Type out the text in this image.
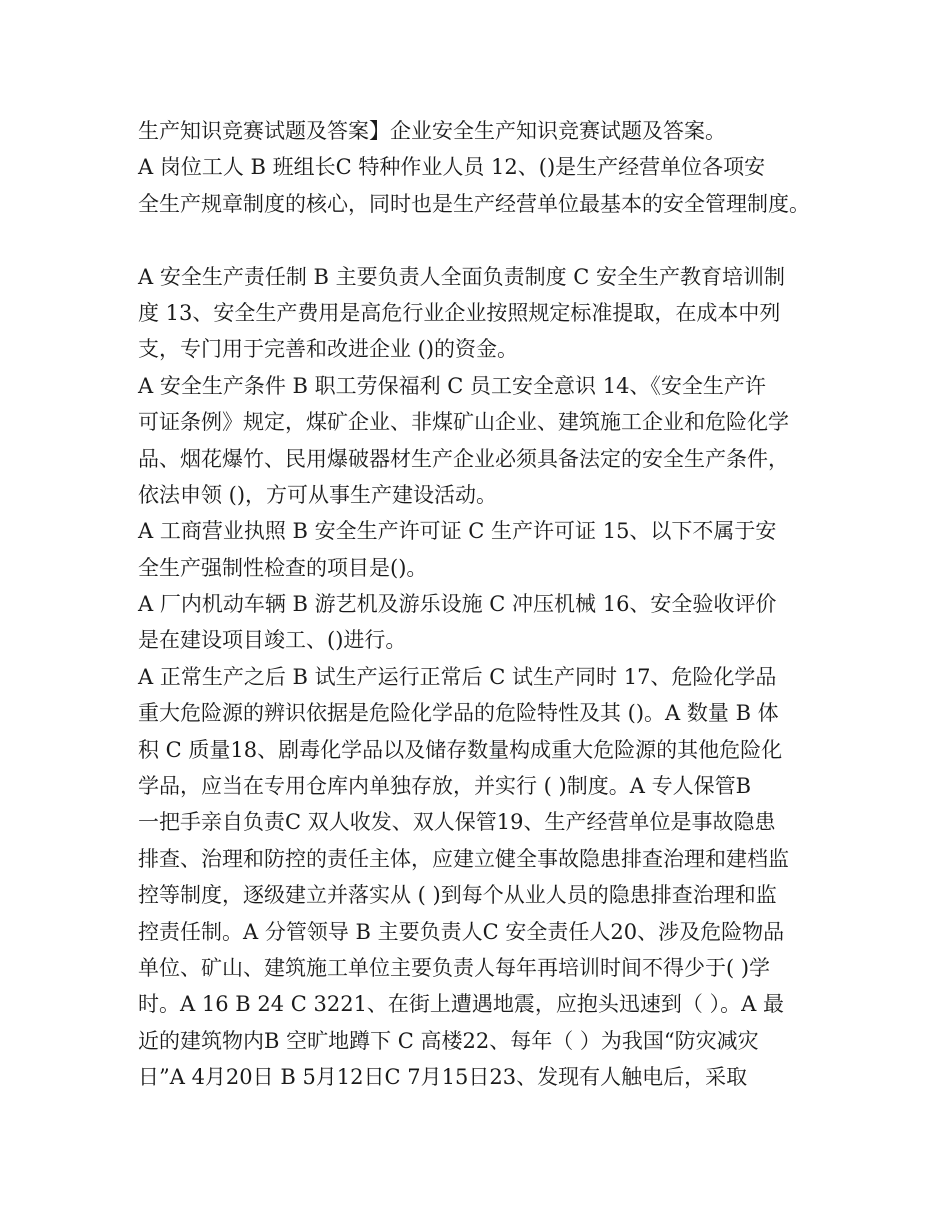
生产知识竞赛试题及答案】企业安全生产知识竞赛试题及答案。
A 岗位工人 B 班组长C 特种作业人员 12、()是生产经营单位各项安
全生产规章制度的核心，同时也是生产经营单位最基本的安全管理制度。
A 安全生产责任制 B 主要负责人全面负责制度 C 安全生产教育培训制
度 13、安全生产费用是高危行业企业按照规定标准提取，在成本中列
支，专门用于完善和改进企业 ()的资金。
A 安全生产条件 B 职工劳保福利 C 员工安全意识 14、《安全生产许
可证条例》规定，煤矿企业、非煤矿山企业、建筑施工企业和危险化学
品、烟花爆竹、民用爆破器材生产企业必须具备法定的安全生产条件，
依法申领 ()，方可从事生产建设活动。
A 工商营业执照 B 安全生产许可证 C 生产许可证 15、以下不属于安
全生产强制性检查的项目是()。
A 厂内机动车辆 B 游艺机及游乐设施 C 冲压机械 16、安全验收评价
是在建设项目竣工、()进行。
A 正常生产之后 B 试生产运行正常后 C 试生产同时 17、危险化学品
重大危险源的辨识依据是危险化学品的危险特性及其 ()。A 数量 B 体
积 C 质量18、剧毒化学品以及储存数量构成重大危险源的其他危险化
学品，应当在专用仓库内单独存放，并实行 ( )制度。A 专人保管B
一把手亲自负责C 双人收发、双人保管19、生产经营单位是事故隐患
排查、治理和防控的责任主体，应建立健全事故隐患排查治理和建档监
控等制度，逐级建立并落实从 ( )到每个从业人员的隐患排查治理和监
控责任制。A 分管领导 B 主要负责人C 安全责任人20、涉及危险物品
单位、矿山、建筑施工单位主要负责人每年再培训时间不得少于( )学
时。A 16 B 24 C 3221、在街上遭遇地震，应抱头迅速到（ ）。A 最
近的建筑物内B 空旷地蹲下 C 高楼22、每年（ ）为我国“防灾减灾
日”A 4月20日 B 5月12日C 7月15日23、发现有人触电后，采取
